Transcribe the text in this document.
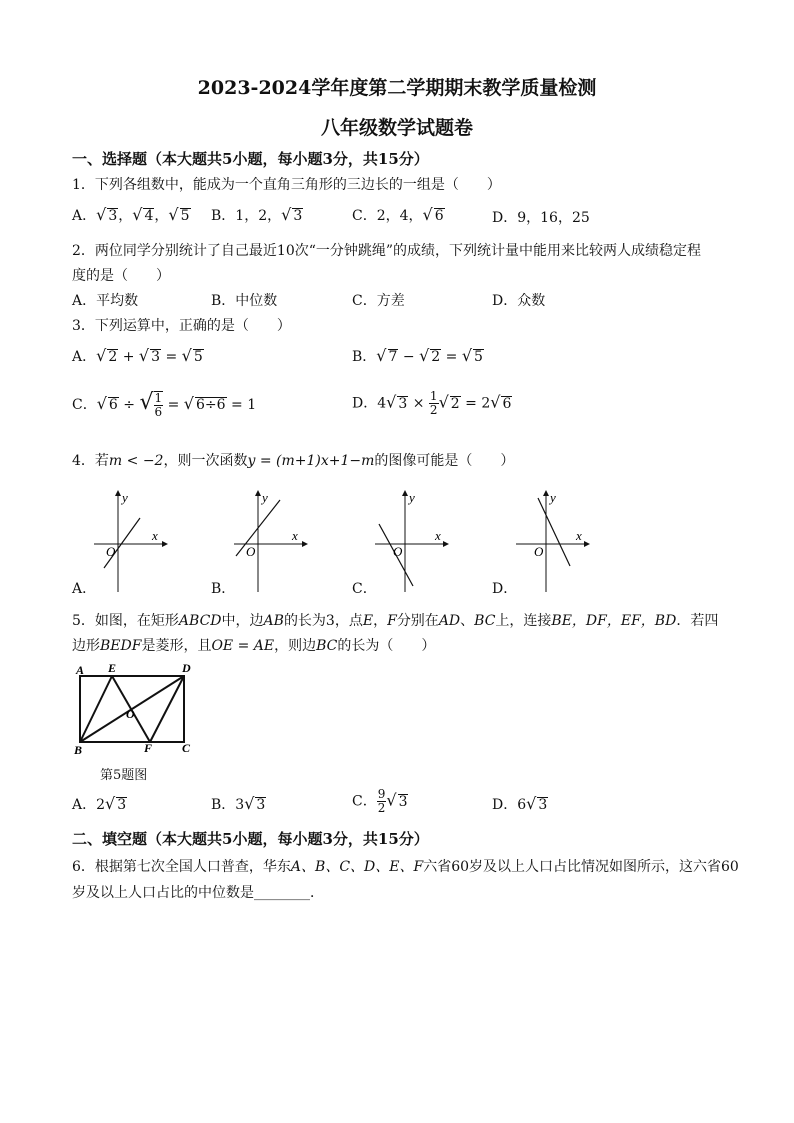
2023-2024学年度第二学期期末教学质量检测
八年级数学试题卷
一、选择题（本大题共5小题，每小题3分，共15分）
1．下列各组数中，能成为一个直角三角形的三边长的一组是（　　）
A．√ 3，√ 4，√ 5 B．1，2，√ 3	C．2，4，√ 6	D．9，16，25
2．两位同学分别统计了自己最近10次“一分钟跳绳”的成绩，下列统计量中能用来比较两人成绩稳定程
度的是（　　）
A．平均数	B．中位数	C．方差	D．众数
3．下列运算中，正确的是（　　）
A．√ 2 + √ 3 = √ 5	B．√ 7 − √ 2 = √ 5
C．√ 6 ÷ √ $\frac{1}{6}$ = √ 6÷6 = 1	D．4√ $3 \times \frac{1}{2}$ √ 2 = 2√ 6
4．若m < −2，则一次函数y = (m+1)x+1−m的图像可能是（　　）
y
O
x
A．
y
O
x
B．
y
O
x
C．
y
O
x
D．
5．如图，在矩形ABCD中，边AB的长为3，点E，F分别在AD、BC上，连接BE，DF，EF，BD．若四
边形BEDF是菱形，且OE = AE，则边BC的长为（　　）
A E	D
O
B	F C
第5题图
A．2√ 3	B．3√ 3	C． $\frac{9}{2}$ √ 3	D．6√ 3
二、填空题（本大题共5小题，每小题3分，共15分）
6．根据第七次全国人口普查，华东A、B、C、D、E、F六省60岁及以上人口占比情况如图所示，这六省60
岁及以上人口占比的中位数是________．
